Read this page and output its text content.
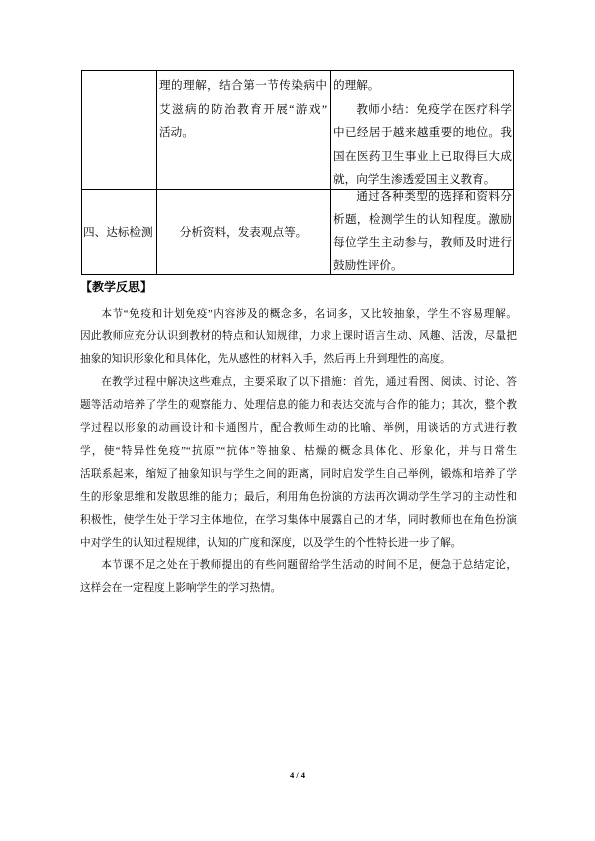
理的理解，结合第一节传染病中
艾滋病的防治教育开展“游戏”
活动。
的理解。
教师小结：免疫学在医疗科学
中已经居于越来越重要的地位。我
国在医药卫生事业上已取得巨大成
就，向学生渗透爱国主义教育。
四、达标检测 分析资料，发表观点等。
通过各种类型的选择和资料分
析题，检测学生的认知程度。激励
每位学生主动参与，教师及时进行
鼓励性评价。
【教学反思】
本节“免疫和计划免疫”内容涉及的概念多，名词多，又比较抽象，学生不容易理解。
因此教师应充分认识到教材的特点和认知规律，力求上课时语言生动、风趣、活泼，尽量把
抽象的知识形象化和具体化，先从感性的材料入手，然后再上升到理性的高度。
在教学过程中解决这些难点，主要采取了以下措施：首先，通过看图、阅读、讨论、答
题等活动培养了学生的观察能力、处理信息的能力和表达交流与合作的能力；其次，整个教
学过程以形象的动画设计和卡通图片，配合教师生动的比喻、举例，用谈话的方式进行教
学，使“特异性免疫”“抗原”“抗体”等抽象、枯燥的概念具体化、形象化，并与日常生
活联系起来，缩短了抽象知识与学生之间的距离，同时启发学生自己举例，锻炼和培养了学
生的形象思维和发散思维的能力；最后，利用角色扮演的方法再次调动学生学习的主动性和
积极性，使学生处于学习主体地位，在学习集体中展露自己的才华，同时教师也在角色扮演
中对学生的认知过程规律，认知的广度和深度，以及学生的个性特长进一步了解。
本节课不足之处在于教师提出的有些问题留给学生活动的时间不足，便急于总结定论，
这样会在一定程度上影响学生的学习热情。
4 / 4
